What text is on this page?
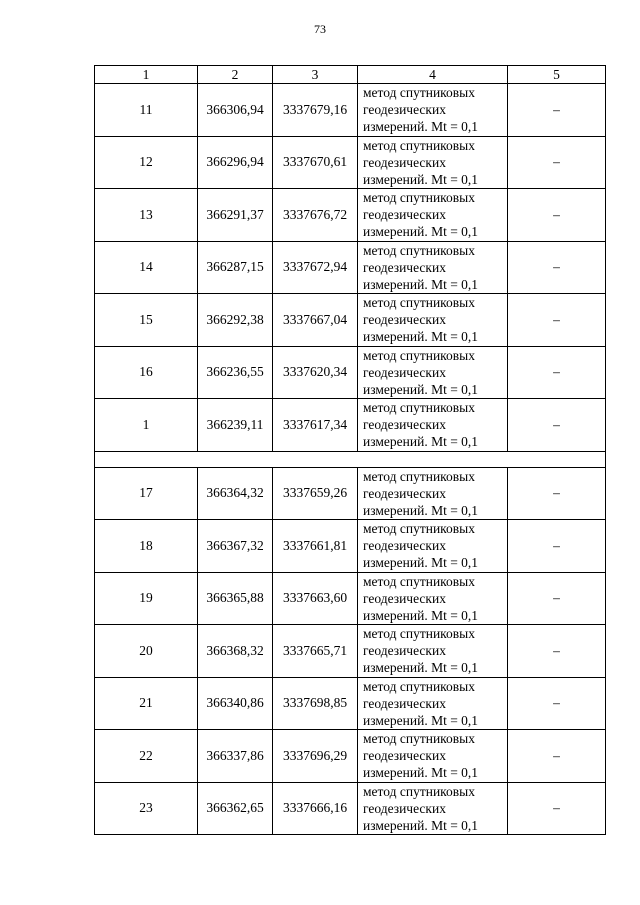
73
1	2	3	4	5
11	366306,94	3337679,16	метод спутниковых
геодезических
измерений. Mt = 0,1	–
12	366296,94	3337670,61	метод спутниковых
геодезических
измерений. Mt = 0,1	–
13	366291,37	3337676,72	метод спутниковых
геодезических
измерений. Mt = 0,1	–
14	366287,15	3337672,94	метод спутниковых
геодезических
измерений. Mt = 0,1	–
15	366292,38	3337667,04	метод спутниковых
геодезических
измерений. Mt = 0,1	–
16	366236,55	3337620,34	метод спутниковых
геодезических
измерений. Mt = 0,1	–
1	366239,11	3337617,34	метод спутниковых
геодезических
измерений. Mt = 0,1	–

17	366364,32	3337659,26	метод спутниковых
геодезических
измерений. Mt = 0,1	–
18	366367,32	3337661,81	метод спутниковых
геодезических
измерений. Mt = 0,1	–
19	366365,88	3337663,60	метод спутниковых
геодезических
измерений. Mt = 0,1	–
20	366368,32	3337665,71	метод спутниковых
геодезических
измерений. Mt = 0,1	–
21	366340,86	3337698,85	метод спутниковых
геодезических
измерений. Mt = 0,1	–
22	366337,86	3337696,29	метод спутниковых
геодезических
измерений. Mt = 0,1	–
23	366362,65	3337666,16	метод спутниковых
геодезических
измерений. Mt = 0,1	–
